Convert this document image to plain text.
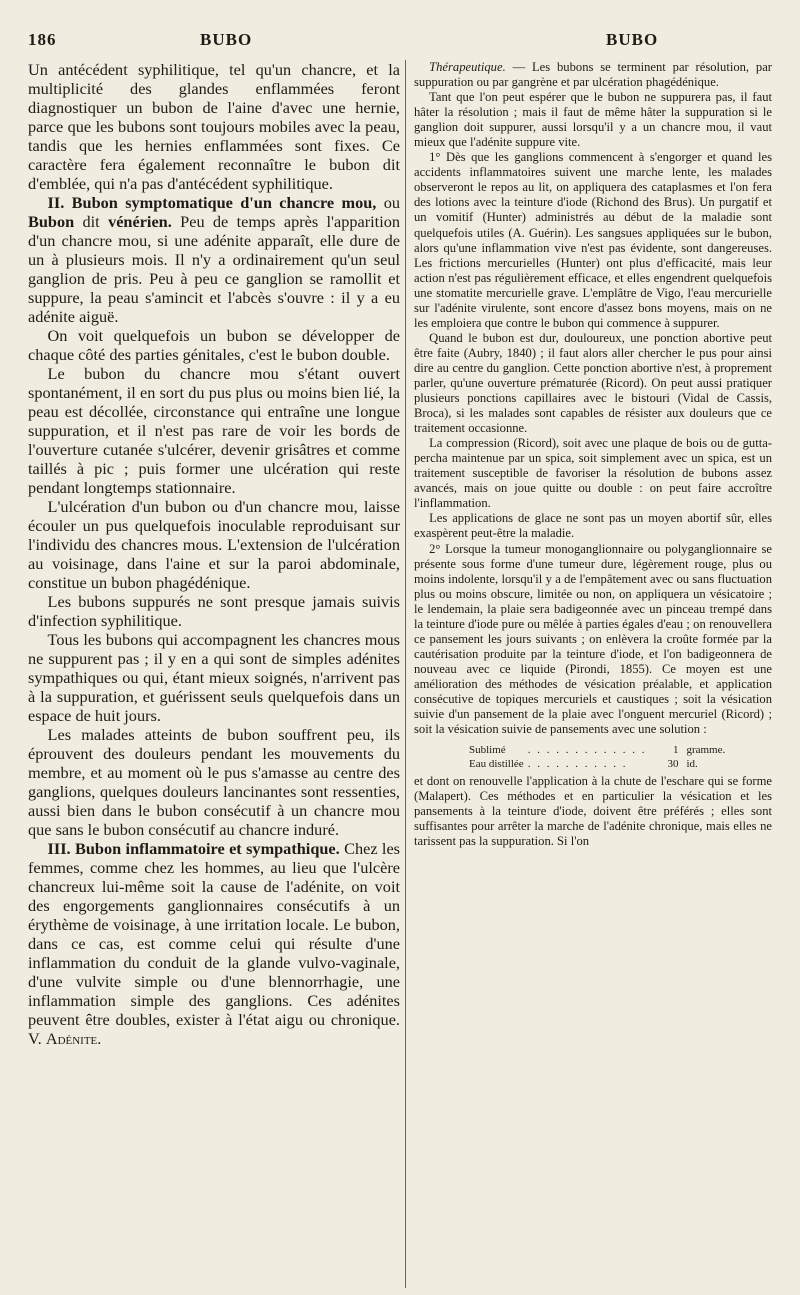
186	BUBO	BUBO

Un antécédent syphilitique, tel qu'un chancre, et la multiplicité des glandes enflammées feront diagnostiquer un bubon de l'aine d'avec une hernie, parce que les bubons sont toujours mobiles avec la peau, tandis que les hernies enflammées sont fixes. Ce caractère fera également reconnaître le bubon dit d'emblée, qui n'a pas d'antécédent syphilitique.

II. Bubon symptomatique d'un chancre mou, ou Bubon dit vénérien. Peu de temps après l'apparition d'un chancre mou, si une adénite apparaît, elle dure de un à plusieurs mois. Il n'y a ordinairement qu'un seul ganglion de pris. Peu à peu ce ganglion se ramollit et suppure, la peau s'amincit et l'abcès s'ouvre : il y a eu adénite aiguë.

On voit quelquefois un bubon se développer de chaque côté des parties génitales, c'est le bubon double.

Le bubon du chancre mou s'étant ouvert spontanément, il en sort du pus plus ou moins bien lié, la peau est décollée, circonstance qui entraîne une longue suppuration, et il n'est pas rare de voir les bords de l'ouverture cutanée s'ulcérer, devenir grisâtres et comme taillés à pic ; puis former une ulcération qui reste pendant longtemps stationnaire.

L'ulcération d'un bubon ou d'un chancre mou, laisse écouler un pus quelquefois inoculable reproduisant sur l'individu des chancres mous. L'extension de l'ulcération au voisinage, dans l'aine et sur la paroi abdominale, constitue un bubon phagédénique.

Les bubons suppurés ne sont presque jamais suivis d'infection syphilitique.

Tous les bubons qui accompagnent les chancres mous ne suppurent pas ; il y en a qui sont de simples adénites sympathiques ou qui, étant mieux soignés, n'arrivent pas à la suppuration, et guérissent seuls quelquefois dans un espace de huit jours.

Les malades atteints de bubon souffrent peu, ils éprouvent des douleurs pendant les mouvements du membre, et au moment où le pus s'amasse au centre des ganglions, quelques douleurs lancinantes sont ressenties, aussi bien dans le bubon consécutif à un chancre mou que sans le bubon consécutif au chancre induré.

III. Bubon inflammatoire et sympathique. Chez les femmes, comme chez les hommes, au lieu que l'ulcère chancreux lui-même soit la cause de l'adénite, on voit des engorgements ganglionnaires consécutifs à un érythème de voisinage, à une irritation locale. Le bubon, dans ce cas, est comme celui qui résulte d'une inflammation du conduit de la glande vulvo-vaginale, d'une vulvite simple ou d'une blennorrhagie, une inflammation simple des ganglions. Ces adénites peuvent être doubles, exister à l'état aigu ou chronique. V. Adénite.

Thérapeutique. — Les bubons se terminent par résolution, par suppuration ou par gangrène et par ulcération phagédénique.

Tant que l'on peut espérer que le bubon ne suppurera pas, il faut hâter la résolution ; mais il faut de même hâter la suppuration si le ganglion doit suppurer, aussi lorsqu'il y a un chancre mou, il vaut mieux que l'adénite suppure vite.

1° Dès que les ganglions commencent à s'engorger et quand les accidents inflammatoires suivent une marche lente, les malades observeront le repos au lit, on appliquera des cataplasmes et l'on fera des lotions avec la teinture d'iode (Richond des Brus). Un purgatif et un vomitif (Hunter) administrés au début de la maladie sont quelquefois utiles (A. Guérin). Les sangsues appliquées sur le bubon, alors qu'une inflammation vive n'est pas évidente, sont dangereuses. Les frictions mercurielles (Hunter) ont plus d'efficacité, mais leur action n'est pas régulièrement efficace, et elles engendrent quelquefois une stomatite mercurielle grave. L'emplâtre de Vigo, l'eau mercurielle sur l'adénite virulente, sont encore d'assez bons moyens, mais on ne les emploiera que contre le bubon qui commence à suppurer.

Quand le bubon est dur, douloureux, une ponction abortive peut être faite (Aubry, 1840) ; il faut alors aller chercher le pus pour ainsi dire au centre du ganglion. Cette ponction abortive n'est, à proprement parler, qu'une ouverture prématurée (Ricord). On peut aussi pratiquer plusieurs ponctions capillaires avec le bistouri (Vidal de Cassis, Broca), si les malades sont capables de résister aux douleurs que ce traitement occasionne.

La compression (Ricord), soit avec une plaque de bois ou de gutta-percha maintenue par un spica, soit simplement avec un spica, est un traitement susceptible de favoriser la résolution de bubons assez avancés, mais on joue quitte ou double : on peut faire accroître l'inflammation.

Les applications de glace ne sont pas un moyen abortif sûr, elles exaspèrent peut-être la maladie.

2° Lorsque la tumeur monoganglionnaire ou polyganglionnaire se présente sous forme d'une tumeur dure, légèrement rouge, plus ou moins indolente, lorsqu'il y a de l'empâtement avec ou sans fluctuation plus ou moins obscure, limitée ou non, on appliquera un vésicatoire ; le lendemain, la plaie sera badigeonnée avec un pinceau trempé dans la teinture d'iode pure ou mêlée à parties égales d'eau ; on renouvellera ce pansement les jours suivants ; on enlèvera la croûte formée par la cautérisation produite par la teinture d'iode, et l'on badigeonnera de nouveau avec ce liquide (Pirondi, 1855). Ce moyen est une amélioration des méthodes de vésication préalable, et application consécutive de topiques mercuriels et caustiques ; soit la vésication suivie d'un pansement de la plaie avec l'onguent mercuriel (Ricord) ; soit la vésication suivie de pansements avec une solution :

Sublimé	. . . . . . . . . . . . .	1	gramme.
Eau distillée	. . . . . . . . . . .	30	id.

et dont on renouvelle l'application à la chute de l'eschare qui se forme (Malapert). Ces méthodes et en particulier la vésication et les pansements à la teinture d'iode, doivent être préférés ; elles sont suffisantes pour arrêter la marche de l'adénite chronique, mais elles ne tarissent pas la suppuration. Si l'on
